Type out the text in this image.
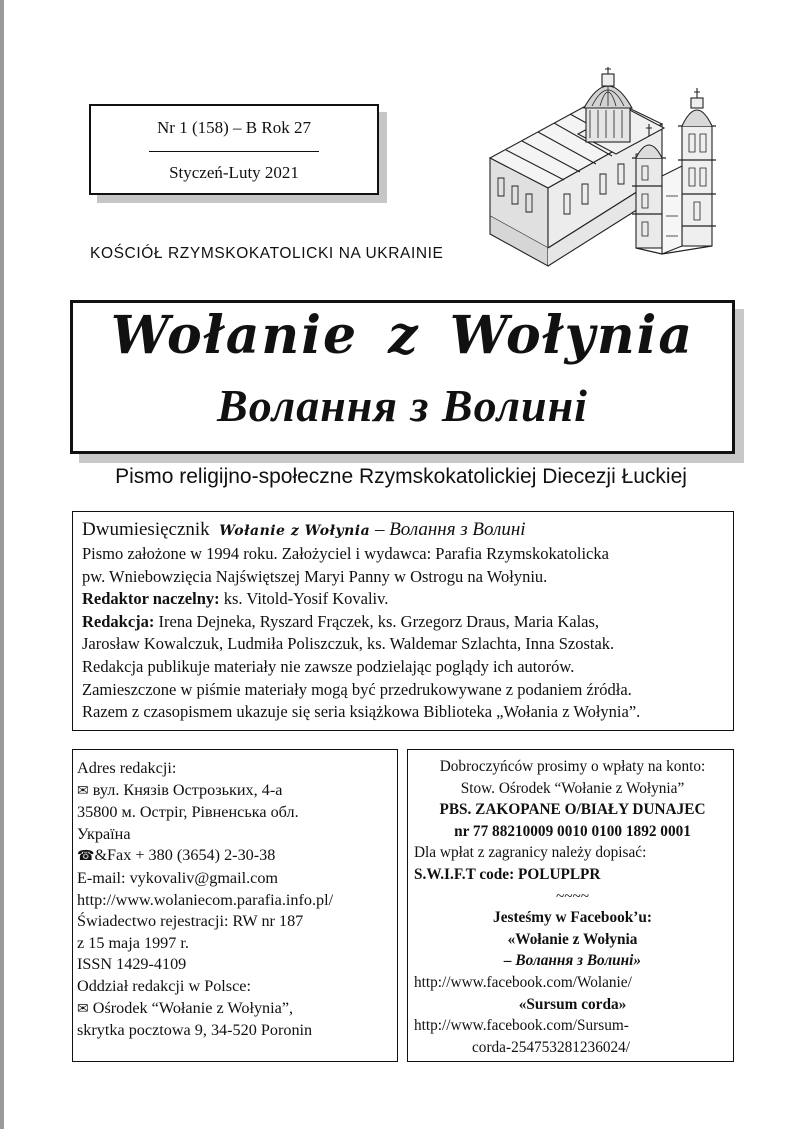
Nr 1 (158) – B Rok 27
Styczeń-Luty 2021
KOŚCIÓŁ RZYMSKOKATOLICKI NA UKRAINIE
Wołanie z Wołynia
Волання з Волині
Pismo religijno-społeczne Rzymskokatolickiej Diecezji Łuckiej
Dwumiesięcznik Wołanie z Wołynia – Волання з Волині
Pismo założone w 1994 roku. Założyciel i wydawca: Parafia Rzymskokatolicka
pw. Wniebowzięcia Najświętszej Maryi Panny w Ostrogu na Wołyniu.
Redaktor naczelny: ks. Vitold-Yosif Kovaliv.
Redakcja: Irena Dejneka, Ryszard Frączek, ks. Grzegorz Draus, Maria Kalas,
Jarosław Kowalczuk, Ludmiła Poliszczuk, ks. Waldemar Szlachta, Inna Szostak.
Redakcja publikuje materiały nie zawsze podzielając poglądy ich autorów.
Zamieszczone w piśmie materiały mogą być przedrukowywane z podaniem źródła.
Razem z czasopismem ukazuje się seria książkowa Biblioteka „Wołania z Wołynia”.
Adres redakcji:
✉ вул. Князів Острозьких, 4-а
35800 м. Острiг, Рiвненська обл.
Україна
☎&Fax + 380 (3654) 2-30-38
E-mail: vykovaliv@gmail.com
http://www.wolaniecom.parafia.info.pl/
Świadectwo rejestracji: RW nr 187
z 15 maja 1997 r.
ISSN 1429-4109
Oddział redakcji w Polsce:
✉ Ośrodek “Wołanie z Wołynia”,
skrytka pocztowa 9, 34-520 Poronin
Dobroczyńców prosimy o wpłaty na konto:
Stow. Ośrodek “Wołanie z Wołynia”
PBS. ZAKOPANE O/BIAŁY DUNAJEC
nr 77 88210009 0010 0100 1892 0001
Dla wpłat z zagranicy należy dopisać:
S.W.I.F.T code: POLUPLPR
~~~~
Jesteśmy w Facebook’u:
«Wołanie z Wołynia
– Волання з Волині»
http://www.facebook.com/Wolanie/
«Sursum corda»
http://www.facebook.com/Sursum-
corda-254753281236024/
